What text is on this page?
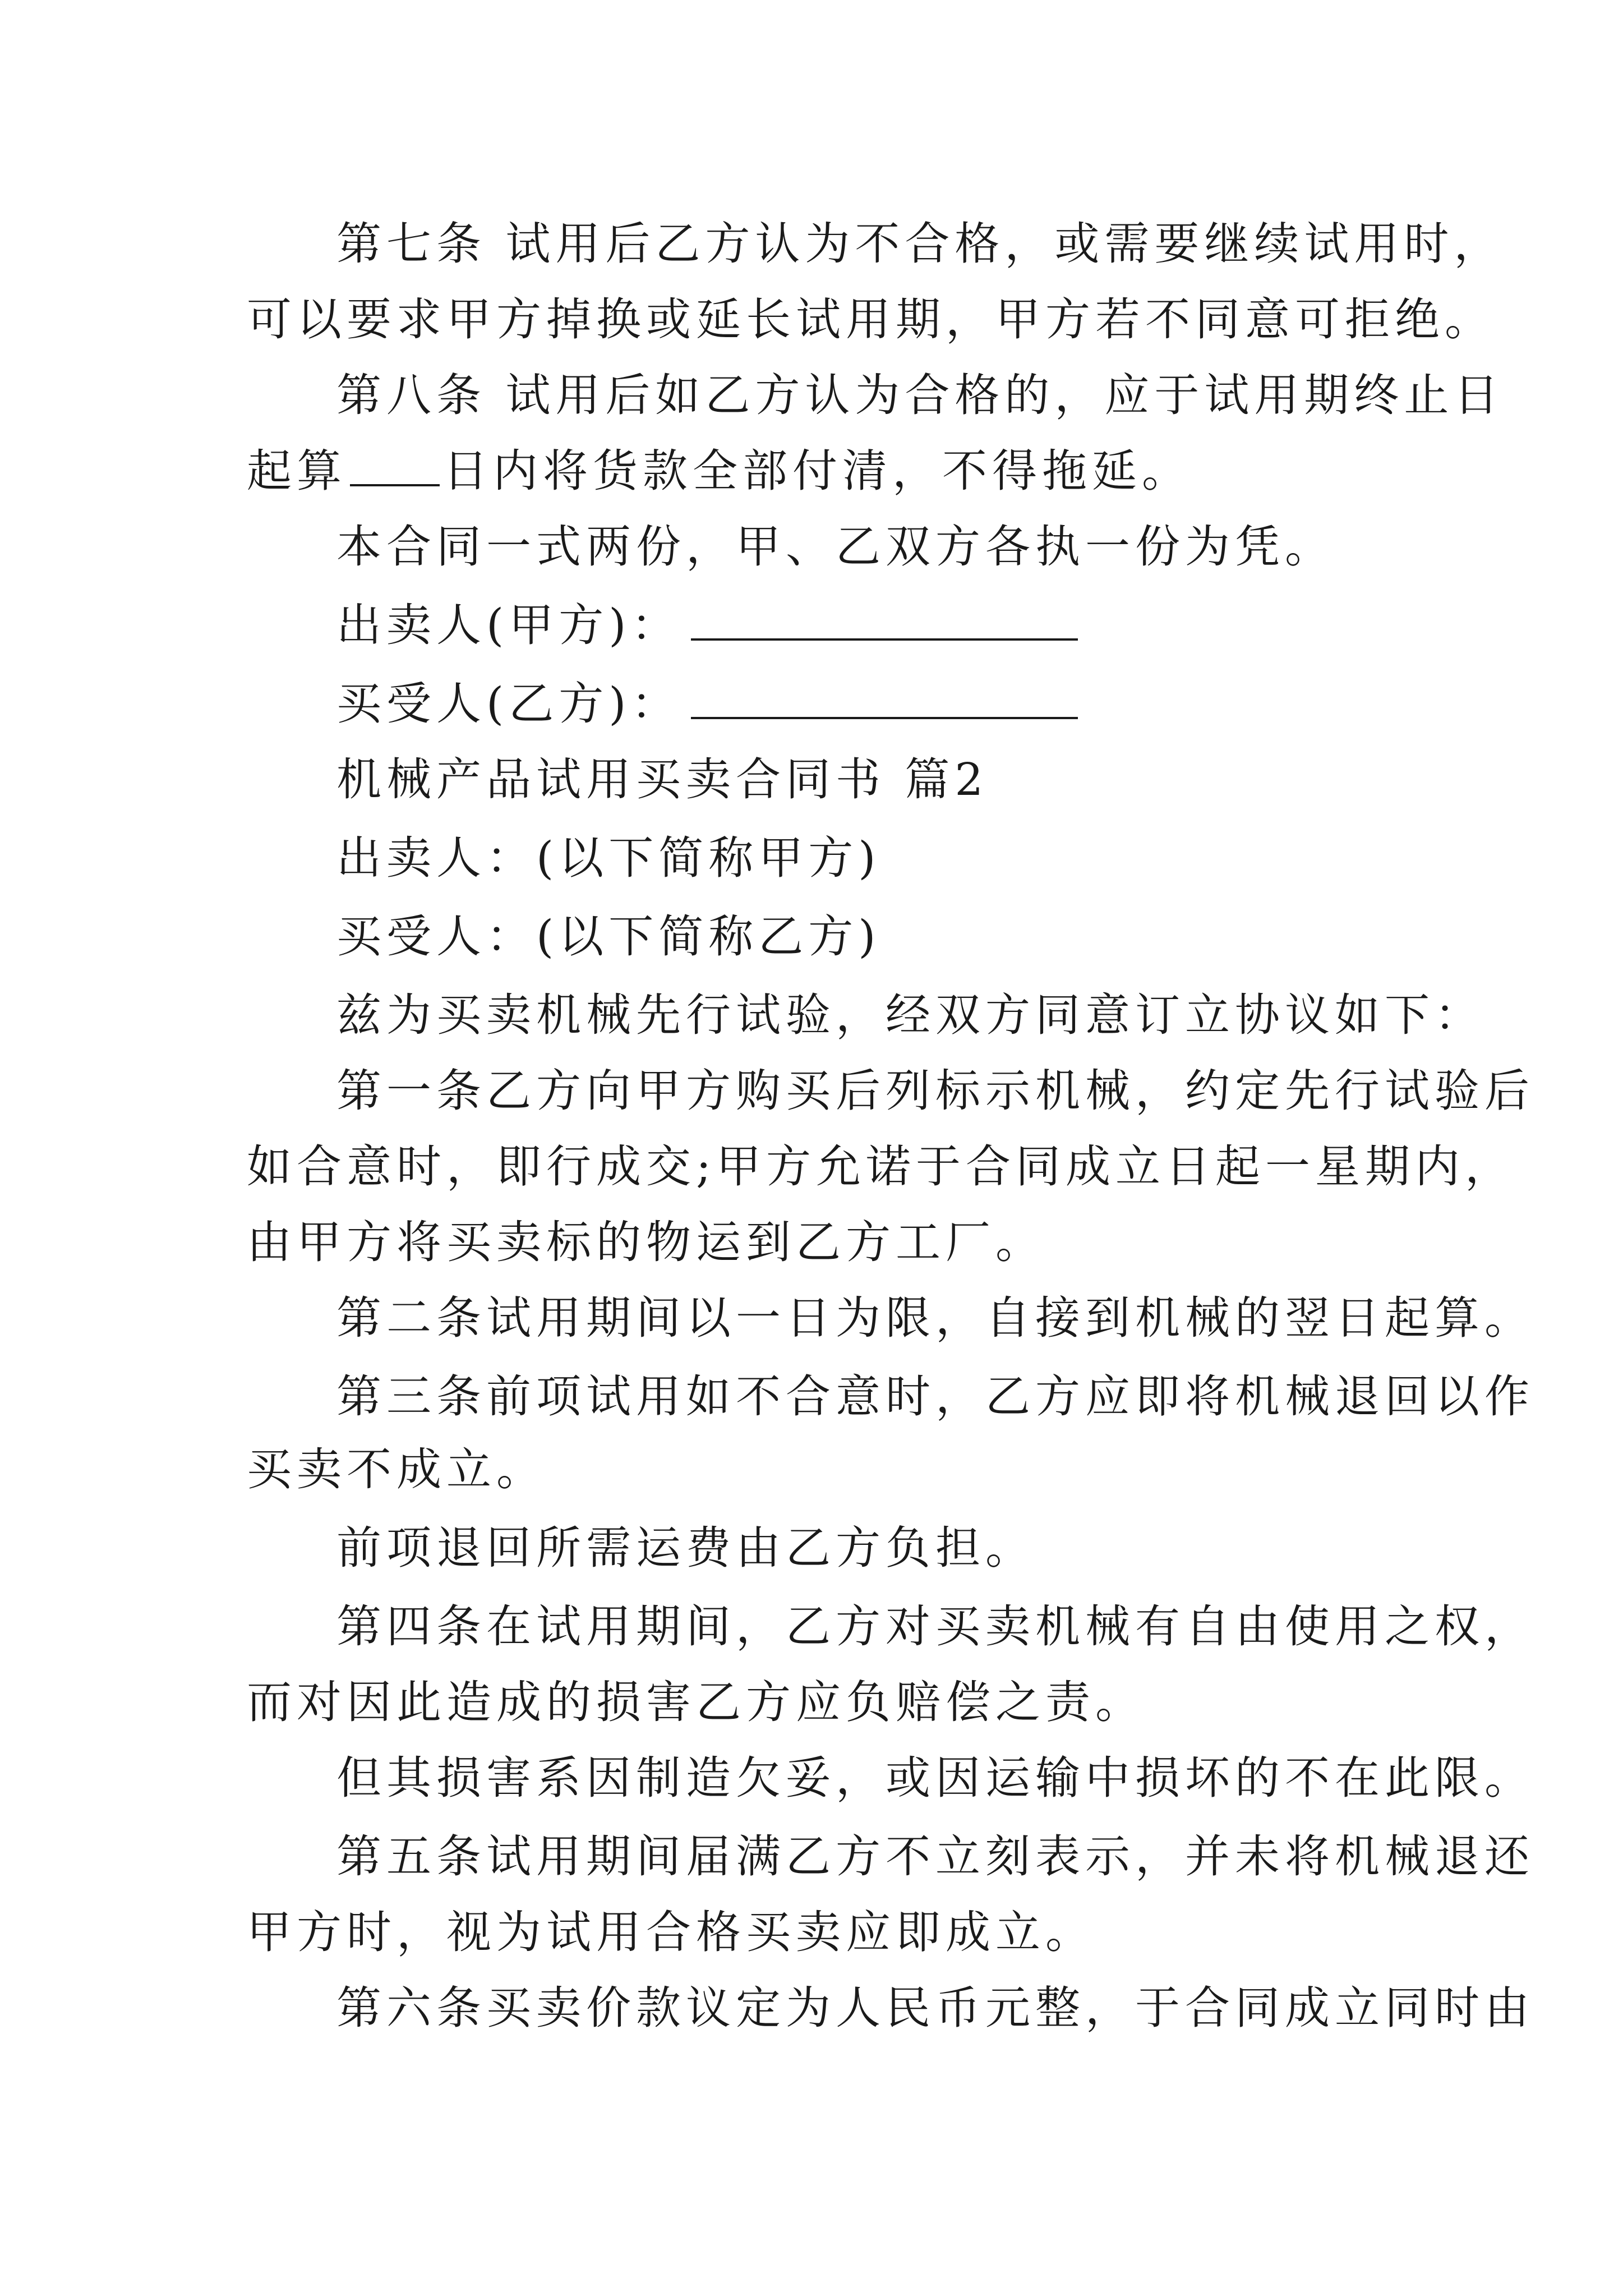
第七条 试用后乙方认为不合格，或需要继续试用时，
可以要求甲方掉换或延长试用期，甲方若不同意可拒绝。
第八条 试用后如乙方认为合格的，应于试用期终止日
起算 日内将货款全部付清，不得拖延。
本合同一式两份，甲、乙双方各执一份为凭。
出卖人(甲方)：
买受人(乙方)：
机械产品试用买卖合同书 篇2
出卖人：(以下简称甲方)
买受人：(以下简称乙方)
兹为买卖机械先行试验，经双方同意订立协议如下：
第一条乙方向甲方购买后列标示机械，约定先行试验后
如合意时，即行成交;甲方允诺于合同成立日起一星期内，
由甲方将买卖标的物运到乙方工厂。
第二条试用期间以一日为限，自接到机械的翌日起算。
第三条前项试用如不合意时，乙方应即将机械退回以作
买卖不成立。
前项退回所需运费由乙方负担。
第四条在试用期间，乙方对买卖机械有自由使用之权，
而对因此造成的损害乙方应负赔偿之责。
但其损害系因制造欠妥，或因运输中损坏的不在此限。
第五条试用期间届满乙方不立刻表示，并未将机械退还
甲方时，视为试用合格买卖应即成立。
第六条买卖价款议定为人民币元整，于合同成立同时由
